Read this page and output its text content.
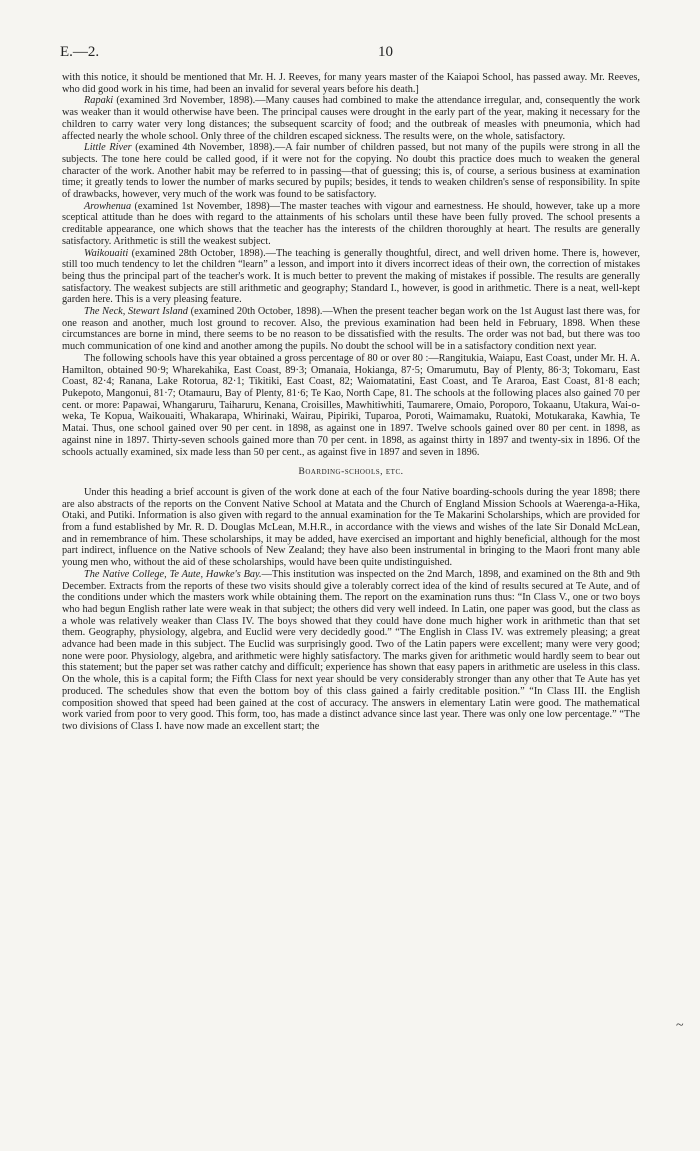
E.—2.	10

with this notice, it should be mentioned that Mr. H. J. Reeves, for many years master of the Kaiapoi School, has passed away. Mr. Reeves, who did good work in his time, had been an invalid for several years before his death.]

Rapaki (examined 3rd November, 1898).—Many causes had combined to make the attendance irregular, and, consequently the work was weaker than it would otherwise have been. The principal causes were drought in the early part of the year, making it necessary for the children to carry water very long distances; the subsequent scarcity of food; and the outbreak of measles with pneumonia, which had affected nearly the whole school. Only three of the children escaped sickness. The results were, on the whole, satisfactory.

Little River (examined 4th November, 1898).—A fair number of children passed, but not many of the pupils were strong in all the subjects. The tone here could be called good, if it were not for the copying. No doubt this practice does much to weaken the general character of the work. Another habit may be referred to in passing—that of guessing; this is, of course, a serious business at examination time; it greatly tends to lower the number of marks secured by pupils; besides, it tends to weaken children's sense of responsibility. In spite of drawbacks, however, very much of the work was found to be satisfactory.

Arowhenua (examined 1st November, 1898)—The master teaches with vigour and earnestness. He should, however, take up a more sceptical attitude than he does with regard to the attainments of his scholars until these have been fully proved. The school presents a creditable appearance, one which shows that the teacher has the interests of the children thoroughly at heart. The results are generally satisfactory. Arithmetic is still the weakest subject.

Waikouaiti (examined 28th October, 1898).—The teaching is generally thoughtful, direct, and well driven home. There is, however, still too much tendency to let the children “learn” a lesson, and import into it divers incorrect ideas of their own, the correction of mistakes being thus the principal part of the teacher's work. It is much better to prevent the making of mistakes if possible. The results are generally satisfactory. The weakest subjects are still arithmetic and geography; Standard I., however, is good in arithmetic. There is a neat, well-kept garden here. This is a very pleasing feature.

The Neck, Stewart Island (examined 20th October, 1898).—When the present teacher began work on the 1st August last there was, for one reason and another, much lost ground to recover. Also, the previous examination had been held in February, 1898. When these circumstances are borne in mind, there seems to be no reason to be dissatisfied with the results. The order was not bad, but there was too much communication of one kind and another among the pupils. No doubt the school will be in a satisfactory condition next year.

The following schools have this year obtained a gross percentage of 80 or over 80 :—Rangitukia, Waiapu, East Coast, under Mr. H. A. Hamilton, obtained 90·9; Wharekahika, East Coast, 89·3; Omanaia, Hokianga, 87·5; Omarumutu, Bay of Plenty, 86·3; Tokomaru, East Coast, 82·4; Ranana, Lake Rotorua, 82·1; Tikitiki, East Coast, 82; Waiomatatini, East Coast, and Te Araroa, East Coast, 81·8 each; Pukepoto, Mangonui, 81·7; Otamauru, Bay of Plenty, 81·6; Te Kao, North Cape, 81. The schools at the following places also gained 70 per cent. or more: Papawai, Whangaruru, Taiharuru, Kenana, Croisilles, Mawhitiwhiti, Taumarere, Omaio, Poroporo, Tokaanu, Utakura, Wai-o-weka, Te Kopua, Waikouaiti, Whakarapa, Whirinaki, Wairau, Pipiriki, Tuparoa, Poroti, Waimamaku, Ruatoki, Motukaraka, Kawhia, Te Matai. Thus, one school gained over 90 per cent. in 1898, as against one in 1897. Twelve schools gained over 80 per cent. in 1898, as against nine in 1897. Thirty-seven schools gained more than 70 per cent. in 1898, as against thirty in 1897 and twenty-six in 1896. Of the schools actually examined, six made less than 50 per cent., as against five in 1897 and seven in 1896.

Boarding-schools, etc.

Under this heading a brief account is given of the work done at each of the four Native boarding-schools during the year 1898; there are also abstracts of the reports on the Convent Native School at Matata and the Church of England Mission Schools at Waerenga-a-Hika, Otaki, and Putiki. Information is also given with regard to the annual examination for the Te Makarini Scholarships, which are provided for from a fund established by Mr. R. D. Douglas McLean, M.H.R., in accordance with the views and wishes of the late Sir Donald McLean, and in remembrance of him. These scholarships, it may be added, have exercised an important and highly beneficial, although for the most part indirect, influence on the Native schools of New Zealand; they have also been instrumental in bringing to the Maori front many able young men who, without the aid of these scholarships, would have been quite undistinguished.

The Native College, Te Aute, Hawke's Bay.—This institution was inspected on the 2nd March, 1898, and examined on the 8th and 9th December. Extracts from the reports of these two visits should give a tolerably correct idea of the kind of results secured at Te Aute, and of the conditions under which the masters work while obtaining them. The report on the examination runs thus: “In Class V., one or two boys who had begun English rather late were weak in that subject; the others did very well indeed. In Latin, one paper was good, but the class as a whole was relatively weaker than Class IV. The boys showed that they could have done much higher work in arithmetic than that set them. Geography, physiology, algebra, and Euclid were very decidedly good.” “The English in Class IV. was extremely pleasing; a great advance had been made in this subject. The Euclid was surprisingly good. Two of the Latin papers were excellent; many were very good; none were poor. Physiology, algebra, and arithmetic were highly satisfactory. The marks given for arithmetic would hardly seem to bear out this statement; but the paper set was rather catchy and difficult; experience has shown that easy papers in arithmetic are useless in this class. On the whole, this is a capital form; the Fifth Class for next year should be very considerably stronger than any other that Te Aute has yet produced. The schedules show that even the bottom boy of this class gained a fairly creditable position.” “In Class III. the English composition showed that speed had been gained at the cost of accuracy. The answers in elementary Latin were good. The mathematical work varied from poor to very good. This form, too, has made a distinct advance since last year. There was only one low percentage.” “The two divisions of Class I. have now made an excellent start; the

~
